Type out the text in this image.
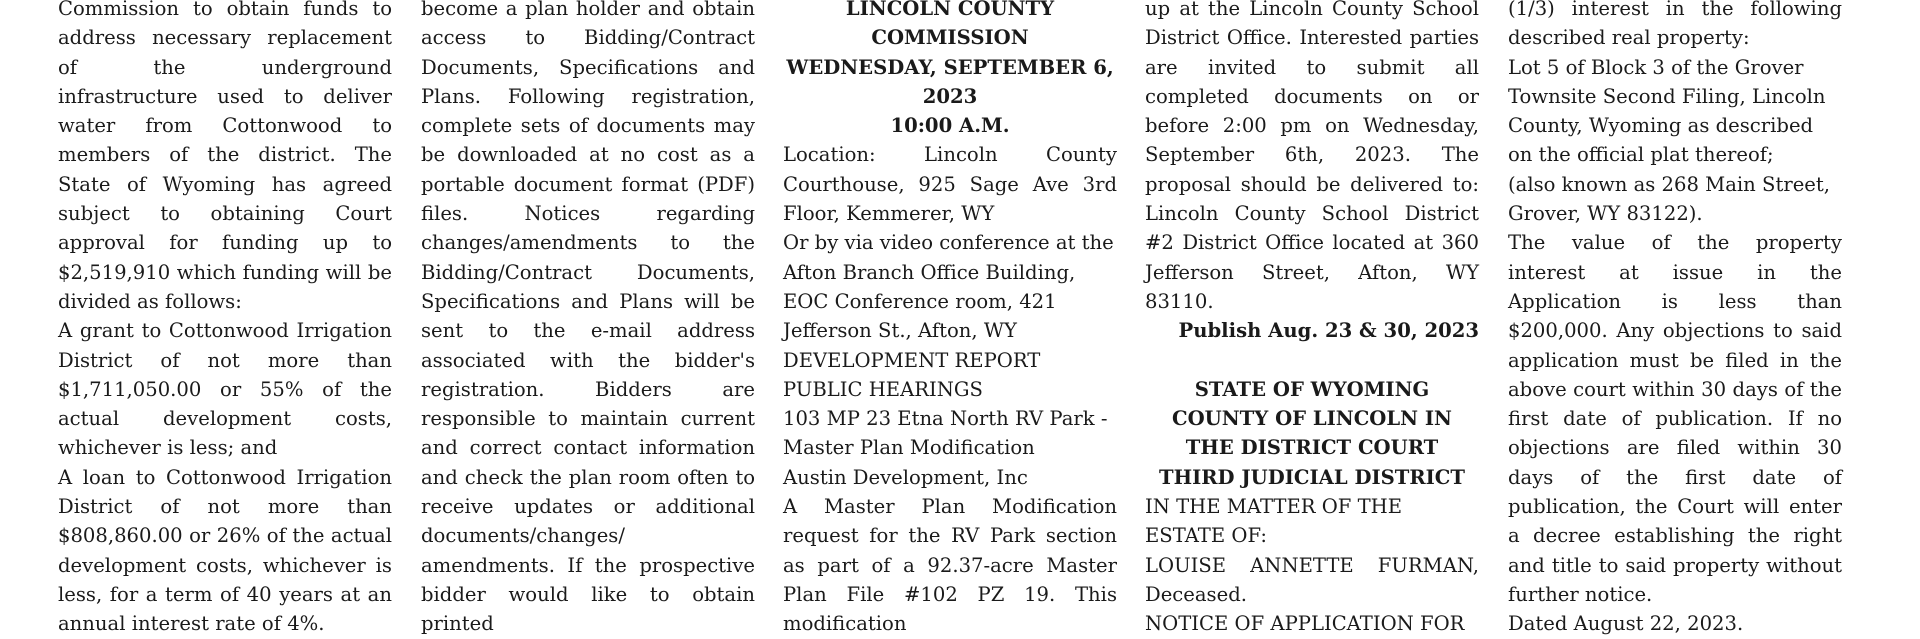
Commission to obtain funds to address necessary replacement of the underground infrastructure used to deliver water from Cottonwood to members of the district. The State of Wyoming has agreed subject to obtaining Court approval for funding up to $2,519,910 which funding will be divided as follows:

A grant to Cottonwood Irrigation District of not more than $1,711,050.00 or 55% of the actual development costs, whichever is less; and

A loan to Cottonwood Irrigation District of not more than $808,860.00 or 26% of the actual development costs, whichever is less, for a term of 40 years at an annual interest rate of 4%.

become a plan holder and obtain access to Bidding/Contract Documents, Specifications and Plans. Following registration, complete sets of documents may be downloaded at no cost as a portable document format (PDF) files. Notices regarding changes/amendments to the Bidding/Contract Documents, Specifications and Plans will be sent to the e-mail address associated with the bidder's registration. Bidders are responsible to maintain current and correct contact information and check the plan room often to receive updates or additional documents/changes/ amendments. If the prospective bidder would like to obtain printed

LINCOLN COUNTY COMMISSION

WEDNESDAY, SEPTEMBER 6, 2023

10:00 A.M.

Location: Lincoln County Courthouse, 925 Sage Ave 3rd Floor, Kemmerer, WY

Or by via video conference at the Afton Branch Office Building, EOC Conference room, 421 Jefferson St., Afton, WY

DEVELOPMENT REPORT

PUBLIC HEARINGS

103 MP 23 Etna North RV Park - Master Plan Modification

Austin Development, Inc

A Master Plan Modification request for the RV Park section as part of a 92.37-acre Master Plan File #102 PZ 19. This modification

up at the Lincoln County School District Office. Interested parties are invited to submit all completed documents on or before 2:00 pm on Wednesday, September 6th, 2023. The proposal should be delivered to: Lincoln County School District #2 District Office located at 360 Jefferson Street, Afton, WY 83110.

Publish Aug. 23 & 30, 2023

STATE OF WYOMING

COUNTY OF LINCOLN IN THE DISTRICT COURT THIRD JUDICIAL DISTRICT

IN THE MATTER OF THE ESTATE OF:

LOUISE ANNETTE FURMAN, Deceased.

NOTICE OF APPLICATION FOR

(1/3) interest in the following described real property:

Lot 5 of Block 3 of the Grover Townsite Second Filing, Lincoln County, Wyoming as described on the official plat thereof;

(also known as 268 Main Street, Grover, WY 83122).

The value of the property interest at issue in the Application is less than $200,000. Any objections to said application must be filed in the above court within 30 days of the first date of publication. If no objections are filed within 30 days of the first date of publication, the Court will enter a decree establishing the right and title to said property without further notice.

Dated August 22, 2023.
